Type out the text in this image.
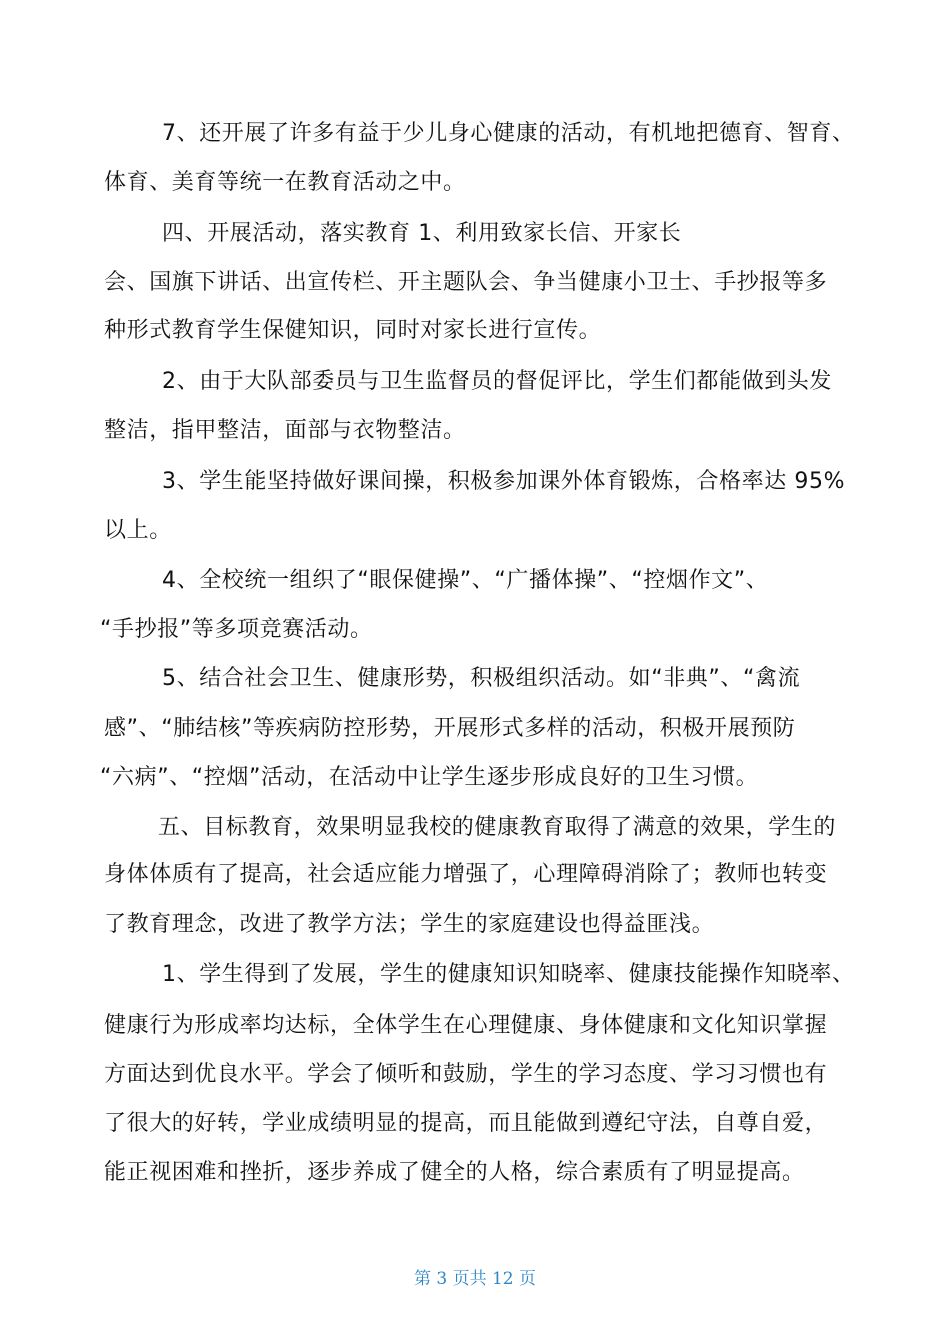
7、还开展了许多有益于少儿身心健康的活动，有机地把德育、智育、
体育、美育等统一在教育活动之中。
四、开展活动，落实教育 1、利用致家长信、开家长
会、国旗下讲话、出宣传栏、开主题队会、争当健康小卫士、手抄报等多
种形式教育学生保健知识，同时对家长进行宣传。
2、由于大队部委员与卫生监督员的督促评比，学生们都能做到头发
整洁，指甲整洁，面部与衣物整洁。
3、学生能坚持做好课间操，积极参加课外体育锻炼，合格率达 95%
以上。
4、全校统一组织了“眼保健操”、“广播体操”、“控烟作文”、
“手抄报”等多项竞赛活动。
5、结合社会卫生、健康形势，积极组织活动。如“非典”、“禽流
感”、“肺结核”等疾病防控形势，开展形式多样的活动，积极开展预防
“六病”、“控烟”活动，在活动中让学生逐步形成良好的卫生习惯。
五、目标教育，效果明显我校的健康教育取得了满意的效果，学生的
身体体质有了提高，社会适应能力增强了，心理障碍消除了；教师也转变
了教育理念，改进了教学方法；学生的家庭建设也得益匪浅。
1、学生得到了发展，学生的健康知识知晓率、健康技能操作知晓率、
健康行为形成率均达标，全体学生在心理健康、身体健康和文化知识掌握
方面达到优良水平。学会了倾听和鼓励，学生的学习态度、学习习惯也有
了很大的好转，学业成绩明显的提高，而且能做到遵纪守法，自尊自爱，
能正视困难和挫折，逐步养成了健全的人格，综合素质有了明显提高。
第 3 页共 12 页
